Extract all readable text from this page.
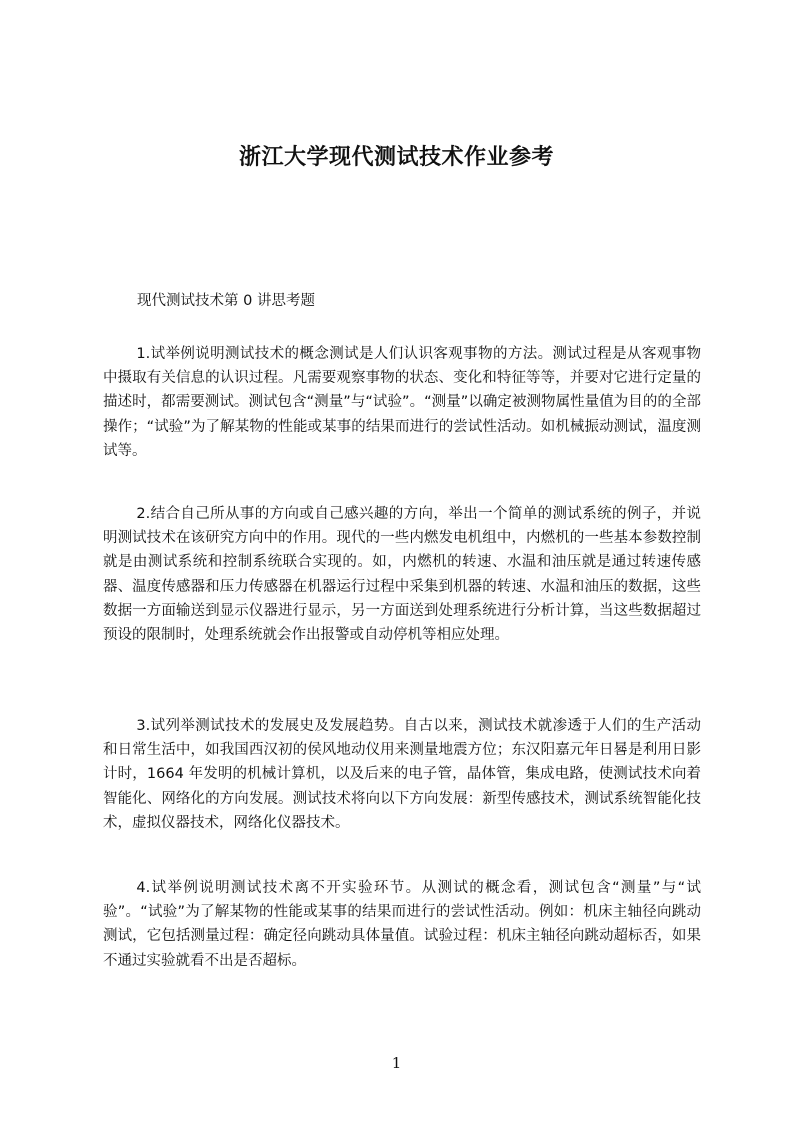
浙江大学现代测试技术作业参考

现代测试技术第 0 讲思考题

1.试举例说明测试技术的概念测试是人们认识客观事物的方法。测试过程是从客观事物中摄取有关信息的认识过程。凡需要观察事物的状态、变化和特征等等，并要对它进行定量的描述时，都需要测试。测试包含“测量”与“试验”。“测量”以确定被测物属性量值为目的的全部操作；“试验”为了解某物的性能或某事的结果而进行的尝试性活动。如机械振动测试，温度测试等。

2.结合自己所从事的方向或自己感兴趣的方向，举出一个简单的测试系统的例子，并说明测试技术在该研究方向中的作用。现代的一些内燃发电机组中，内燃机的一些基本参数控制就是由测试系统和控制系统联合实现的。如，内燃机的转速、水温和油压就是通过转速传感器、温度传感器和压力传感器在机器运行过程中采集到机器的转速、水温和油压的数据，这些数据一方面输送到显示仪器进行显示，另一方面送到处理系统进行分析计算，当这些数据超过预设的限制时，处理系统就会作出报警或自动停机等相应处理。

3.试列举测试技术的发展史及发展趋势。自古以来，测试技术就渗透于人们的生产活动和日常生活中，如我国西汉初的侯风地动仪用来测量地震方位；东汉阳嘉元年日晷是利用日影计时，1664 年发明的机械计算机，以及后来的电子管，晶体管，集成电路，使测试技术向着智能化、网络化的方向发展。测试技术将向以下方向发展：新型传感技术，测试系统智能化技术，虚拟仪器技术，网络化仪器技术。

4.试举例说明测试技术离不开实验环节。从测试的概念看，测试包含“测量”与“试验”。“试验”为了解某物的性能或某事的结果而进行的尝试性活动。例如：机床主轴径向跳动测试，它包括测量过程：确定径向跳动具体量值。试验过程：机床主轴径向跳动超标否，如果不通过实验就看不出是否超标。

1
